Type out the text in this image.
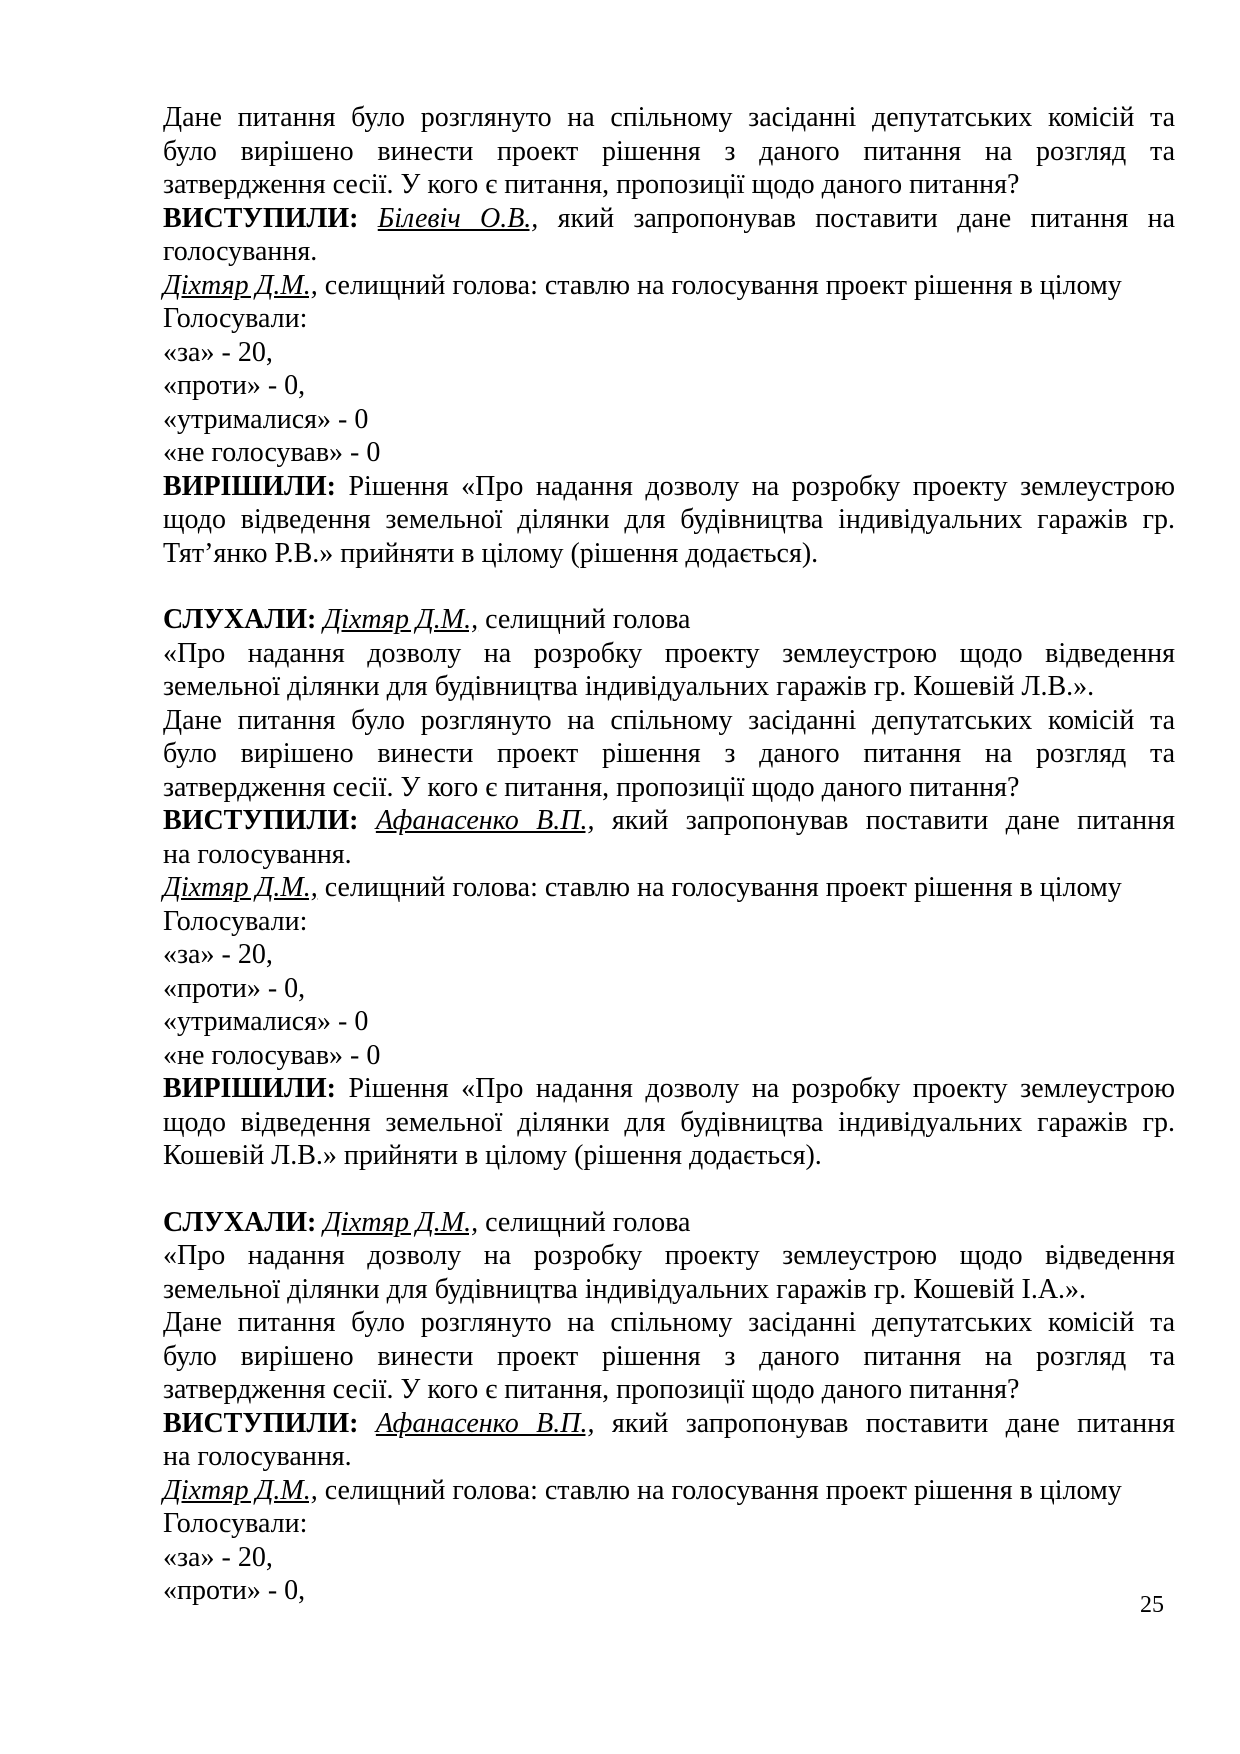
Дане питання було розглянуто на спільному засіданні депутатських комісій та
було вирішено винести проект рішення з даного питання на розгляд та
затвердження сесії. У кого є питання, пропозиції щодо даного питання?
ВИСТУПИЛИ: Білевіч О.В., який запропонував поставити дане питання на
голосування.
Діхтяр Д.М., селищний голова: ставлю на голосування проект рішення в цілому
Голосували:
«за» - 20,
«проти» - 0,
«утрималися» - 0
«не голосував» - 0
ВИРІШИЛИ: Рішення «Про надання дозволу на розробку проекту землеустрою
щодо відведення земельної ділянки для будівництва індивідуальних гаражів гр.
Тят’янко Р.В.» прийняти в цілому (рішення додається).
СЛУХАЛИ: Діхтяр Д.М., селищний голова
«Про надання дозволу на розробку проекту землеустрою щодо відведення
земельної ділянки для будівництва індивідуальних гаражів гр. Кошевій Л.В.».
Дане питання було розглянуто на спільному засіданні депутатських комісій та
було вирішено винести проект рішення з даного питання на розгляд та
затвердження сесії. У кого є питання, пропозиції щодо даного питання?
ВИСТУПИЛИ: Афанасенко В.П., який запропонував поставити дане питання
на голосування.
Діхтяр Д.М., селищний голова: ставлю на голосування проект рішення в цілому
Голосували:
«за» - 20,
«проти» - 0,
«утрималися» - 0
«не голосував» - 0
ВИРІШИЛИ: Рішення «Про надання дозволу на розробку проекту землеустрою
щодо відведення земельної ділянки для будівництва індивідуальних гаражів гр.
Кошевій Л.В.» прийняти в цілому (рішення додається).
СЛУХАЛИ: Діхтяр Д.М., селищний голова
«Про надання дозволу на розробку проекту землеустрою щодо відведення
земельної ділянки для будівництва індивідуальних гаражів гр. Кошевій І.А.».
Дане питання було розглянуто на спільному засіданні депутатських комісій та
було вирішено винести проект рішення з даного питання на розгляд та
затвердження сесії. У кого є питання, пропозиції щодо даного питання?
ВИСТУПИЛИ: Афанасенко В.П., який запропонував поставити дане питання
на голосування.
Діхтяр Д.М., селищний голова: ставлю на голосування проект рішення в цілому
Голосували:
«за» - 20,
«проти» - 0,	25
